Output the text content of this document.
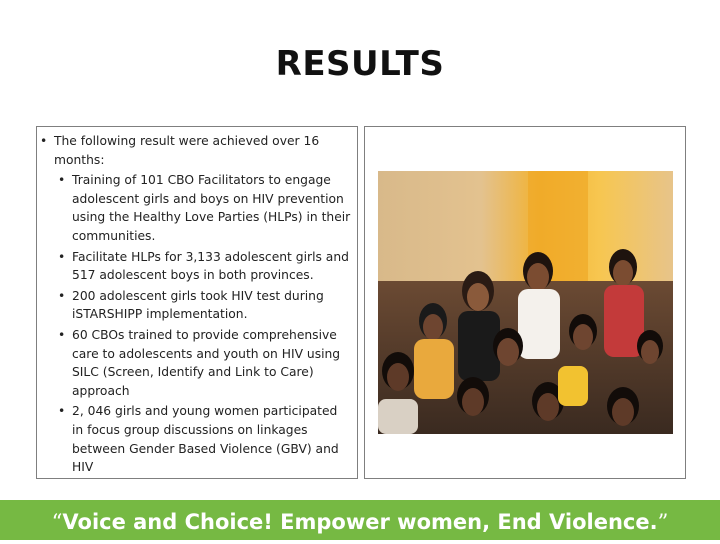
RESULTS
• The following result were achieved over 16 months:
• Training of 101 CBO Facilitators to engage adolescent girls and boys on HIV prevention using the Healthy Love Parties (HLPs) in their communities.
• Facilitate HLPs for 3,133 adolescent girls and 517 adolescent boys in both provinces.
• 200 adolescent girls took HIV test during iSTARSHIPP implementation.
• 60 CBOs trained to provide comprehensive care to adolescents and youth on HIV using SILC (Screen, Identify and Link to Care) approach
• 2, 046 girls and young women participated in focus group discussions on linkages between Gender Based Violence (GBV) and HIV
“Voice and Choice! Empower women, End Violence.”
